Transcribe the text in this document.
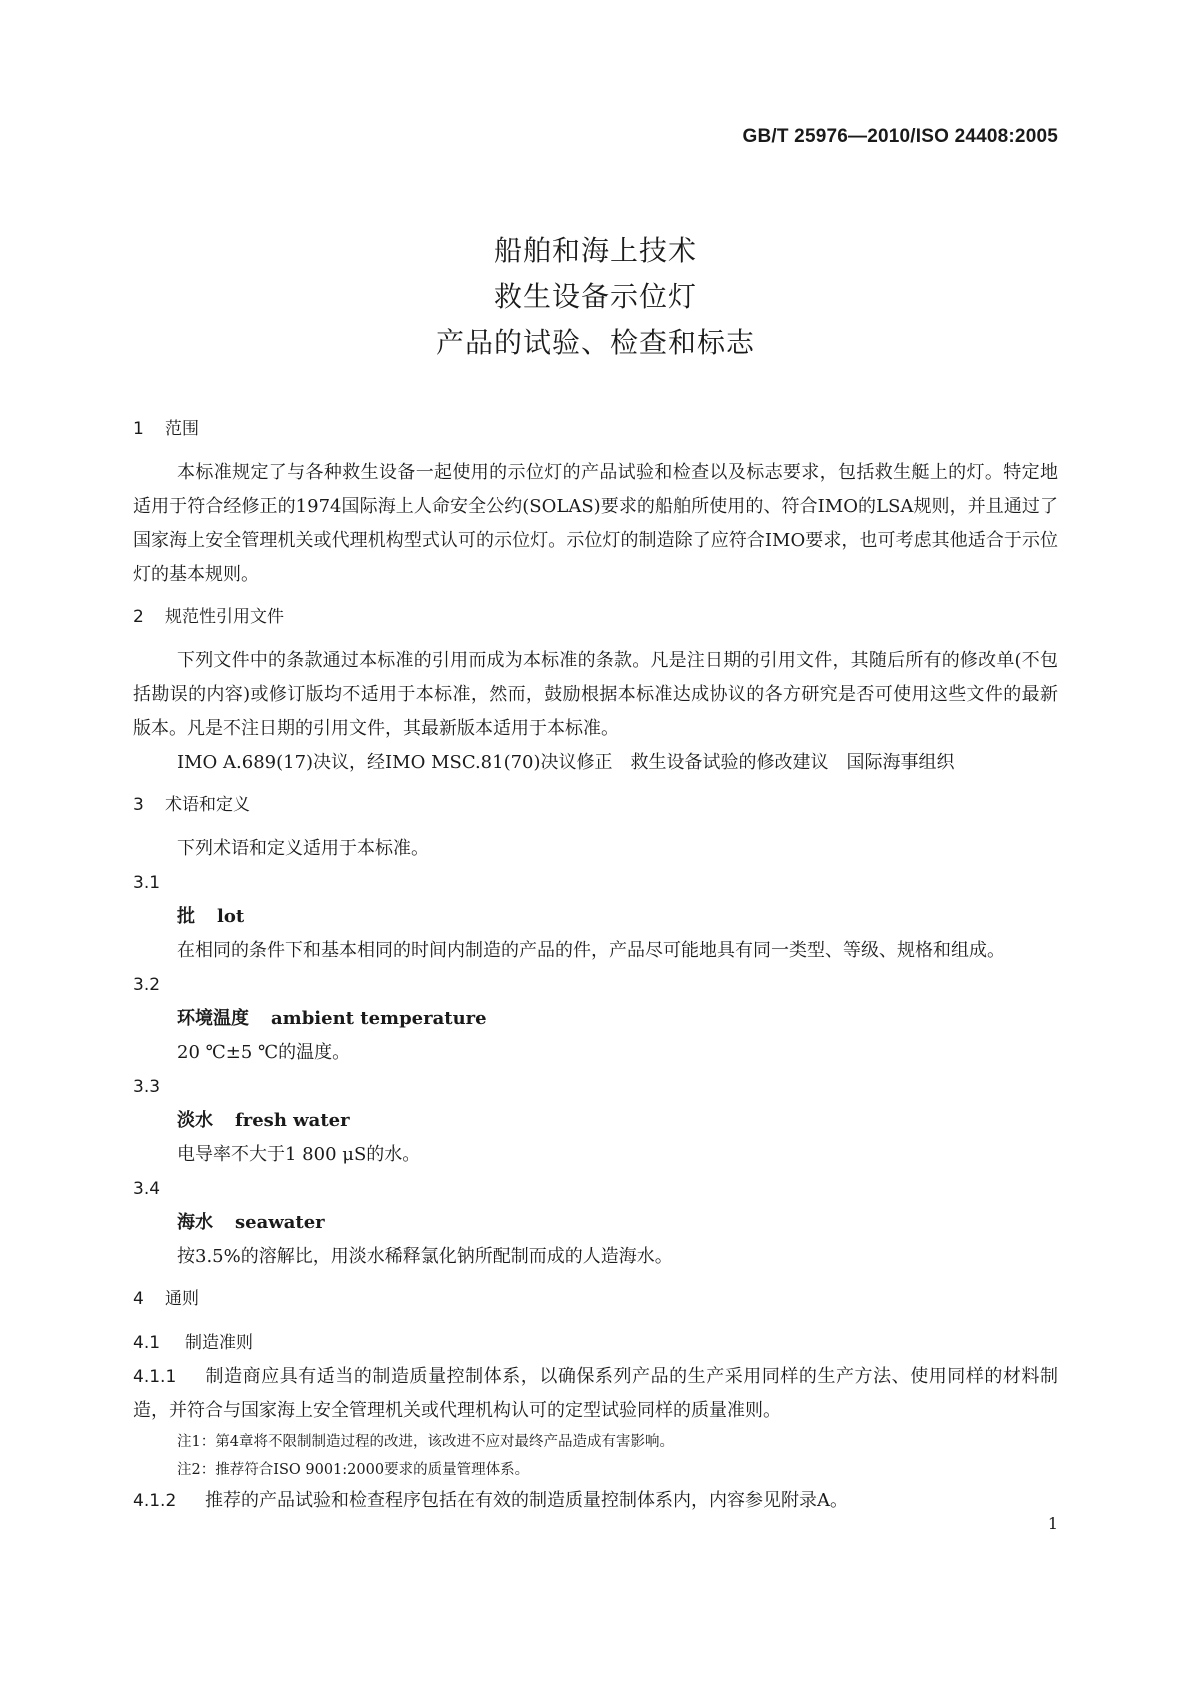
GB/T 25976—2010/ISO 24408:2005
船舶和海上技术
救生设备示位灯
产品的试验、检查和标志
1 范围

本标准规定了与各种救生设备一起使用的示位灯的产品试验和检查以及标志要求，包括救生艇上的灯。特定地适用于符合经修正的1974国际海上人命安全公约(SOLAS)要求的船舶所使用的、符合IMO的LSA规则，并且通过了国家海上安全管理机关或代理机构型式认可的示位灯。示位灯的制造除了应符合IMO要求，也可考虑其他适合于示位灯的基本规则。

2 规范性引用文件

下列文件中的条款通过本标准的引用而成为本标准的条款。凡是注日期的引用文件，其随后所有的修改单(不包括勘误的内容)或修订版均不适用于本标准，然而，鼓励根据本标准达成协议的各方研究是否可使用这些文件的最新版本。凡是不注日期的引用文件，其最新版本适用于本标准。

IMO A.689(17)决议，经IMO MSC.81(70)决议修正　救生设备试验的修改建议　国际海事组织

3 术语和定义

下列术语和定义适用于本标准。

3.1
批 lot

在相同的条件下和基本相同的时间内制造的产品的件，产品尽可能地具有同一类型、等级、规格和组成。

3.2
环境温度 ambient temperature

20 ℃±5 ℃的温度。

3.3
淡水 fresh water

电导率不大于1 800 μS的水。

3.4
海水 seawater

按3.5%的溶解比，用淡水稀释氯化钠所配制而成的人造海水。

4 通则
4.1 制造准则

4.1.1 制造商应具有适当的制造质量控制体系，以确保系列产品的生产采用同样的生产方法、使用同样的材料制造，并符合与国家海上安全管理机关或代理机构认可的定型试验同样的质量准则。

注1：第4章将不限制制造过程的改进，该改进不应对最终产品造成有害影响。
注2：推荐符合ISO 9001:2000要求的质量管理体系。

4.1.2 推荐的产品试验和检查程序包括在有效的制造质量控制体系内，内容参见附录A。

1
